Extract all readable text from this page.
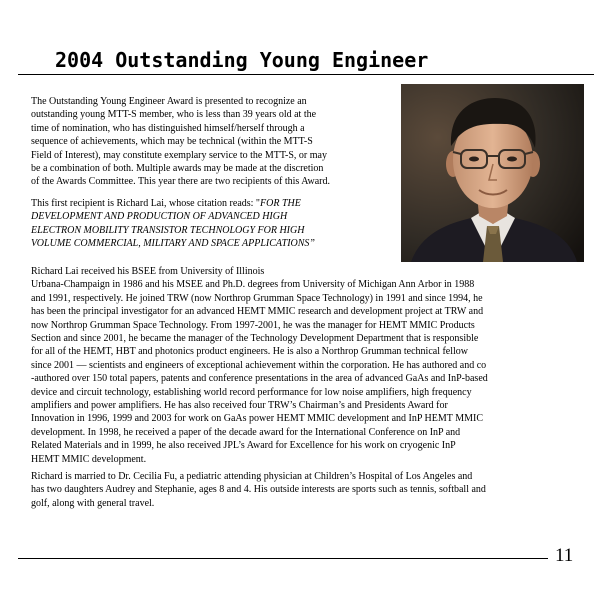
2004 Outstanding Young Engineer
The Outstanding Young Engineer Award is presented to recognize an
outstanding young MTT-S member, who is less than 39 years old at the
time of nomination, who has distinguished himself/herself through a
sequence of achievements, which may be technical (within the MTT-S
Field of Interest), may constitute exemplary service to the MTT-S, or may
be a combination of both. Multiple awards may be made at the discretion
of the Awards Committee. This year there are two recipients of this Award.
This first recipient is Richard Lai, whose citation reads: "FOR THE
DEVELOPMENT AND PRODUCTION OF ADVANCED HIGH
ELECTRON MOBILITY TRANSISTOR TECHNOLOGY FOR HIGH
VOLUME COMMERCIAL, MILITARY AND SPACE APPLICATIONS”
Richard Lai received his BSEE from University of Illinois
Urbana-Champaign in 1986 and his MSEE and Ph.D. degrees from University of Michigan Ann Arbor in 1988
and 1991, respectively. He joined TRW (now Northrop Grumman Space Technology) in 1991 and since 1994, he
has been the principal investigator for an advanced HEMT MMIC research and development project at TRW and
now Northrop Grumman Space Technology. From 1997-2001, he was the manager for HEMT MMIC Products
Section and since 2001, he became the manager of the Technology Development Department that is responsible
for all of the HEMT, HBT and photonics product engineers. He is also a Northrop Grumman technical fellow
since 2001 — scientists and engineers of exceptional achievement within the corporation. He has authored and co
-authored over 150 total papers, patents and conference presentations in the area of advanced GaAs and InP-based
device and circuit technology, establishing world record performance for low noise amplifiers, high frequency
amplifiers and power amplifiers. He has also received four TRW’s Chairman’s and Presidents Award for
Innovation in 1996, 1999 and 2003 for work on GaAs power HEMT MMIC development and InP HEMT MMIC
development. In 1998, he received a paper of the decade award for the International Conference on InP and
Related Materials and in 1999, he also received JPL’s Award for Excellence for his work on cryogenic InP
HEMT MMIC development.
Richard is married to Dr. Cecilia Fu, a pediatric attending physician at Children’s Hospital of Los Angeles and
has two daughters Audrey and Stephanie, ages 8 and 4. His outside interests are sports such as tennis, softball and
golf, along with general travel.
11
